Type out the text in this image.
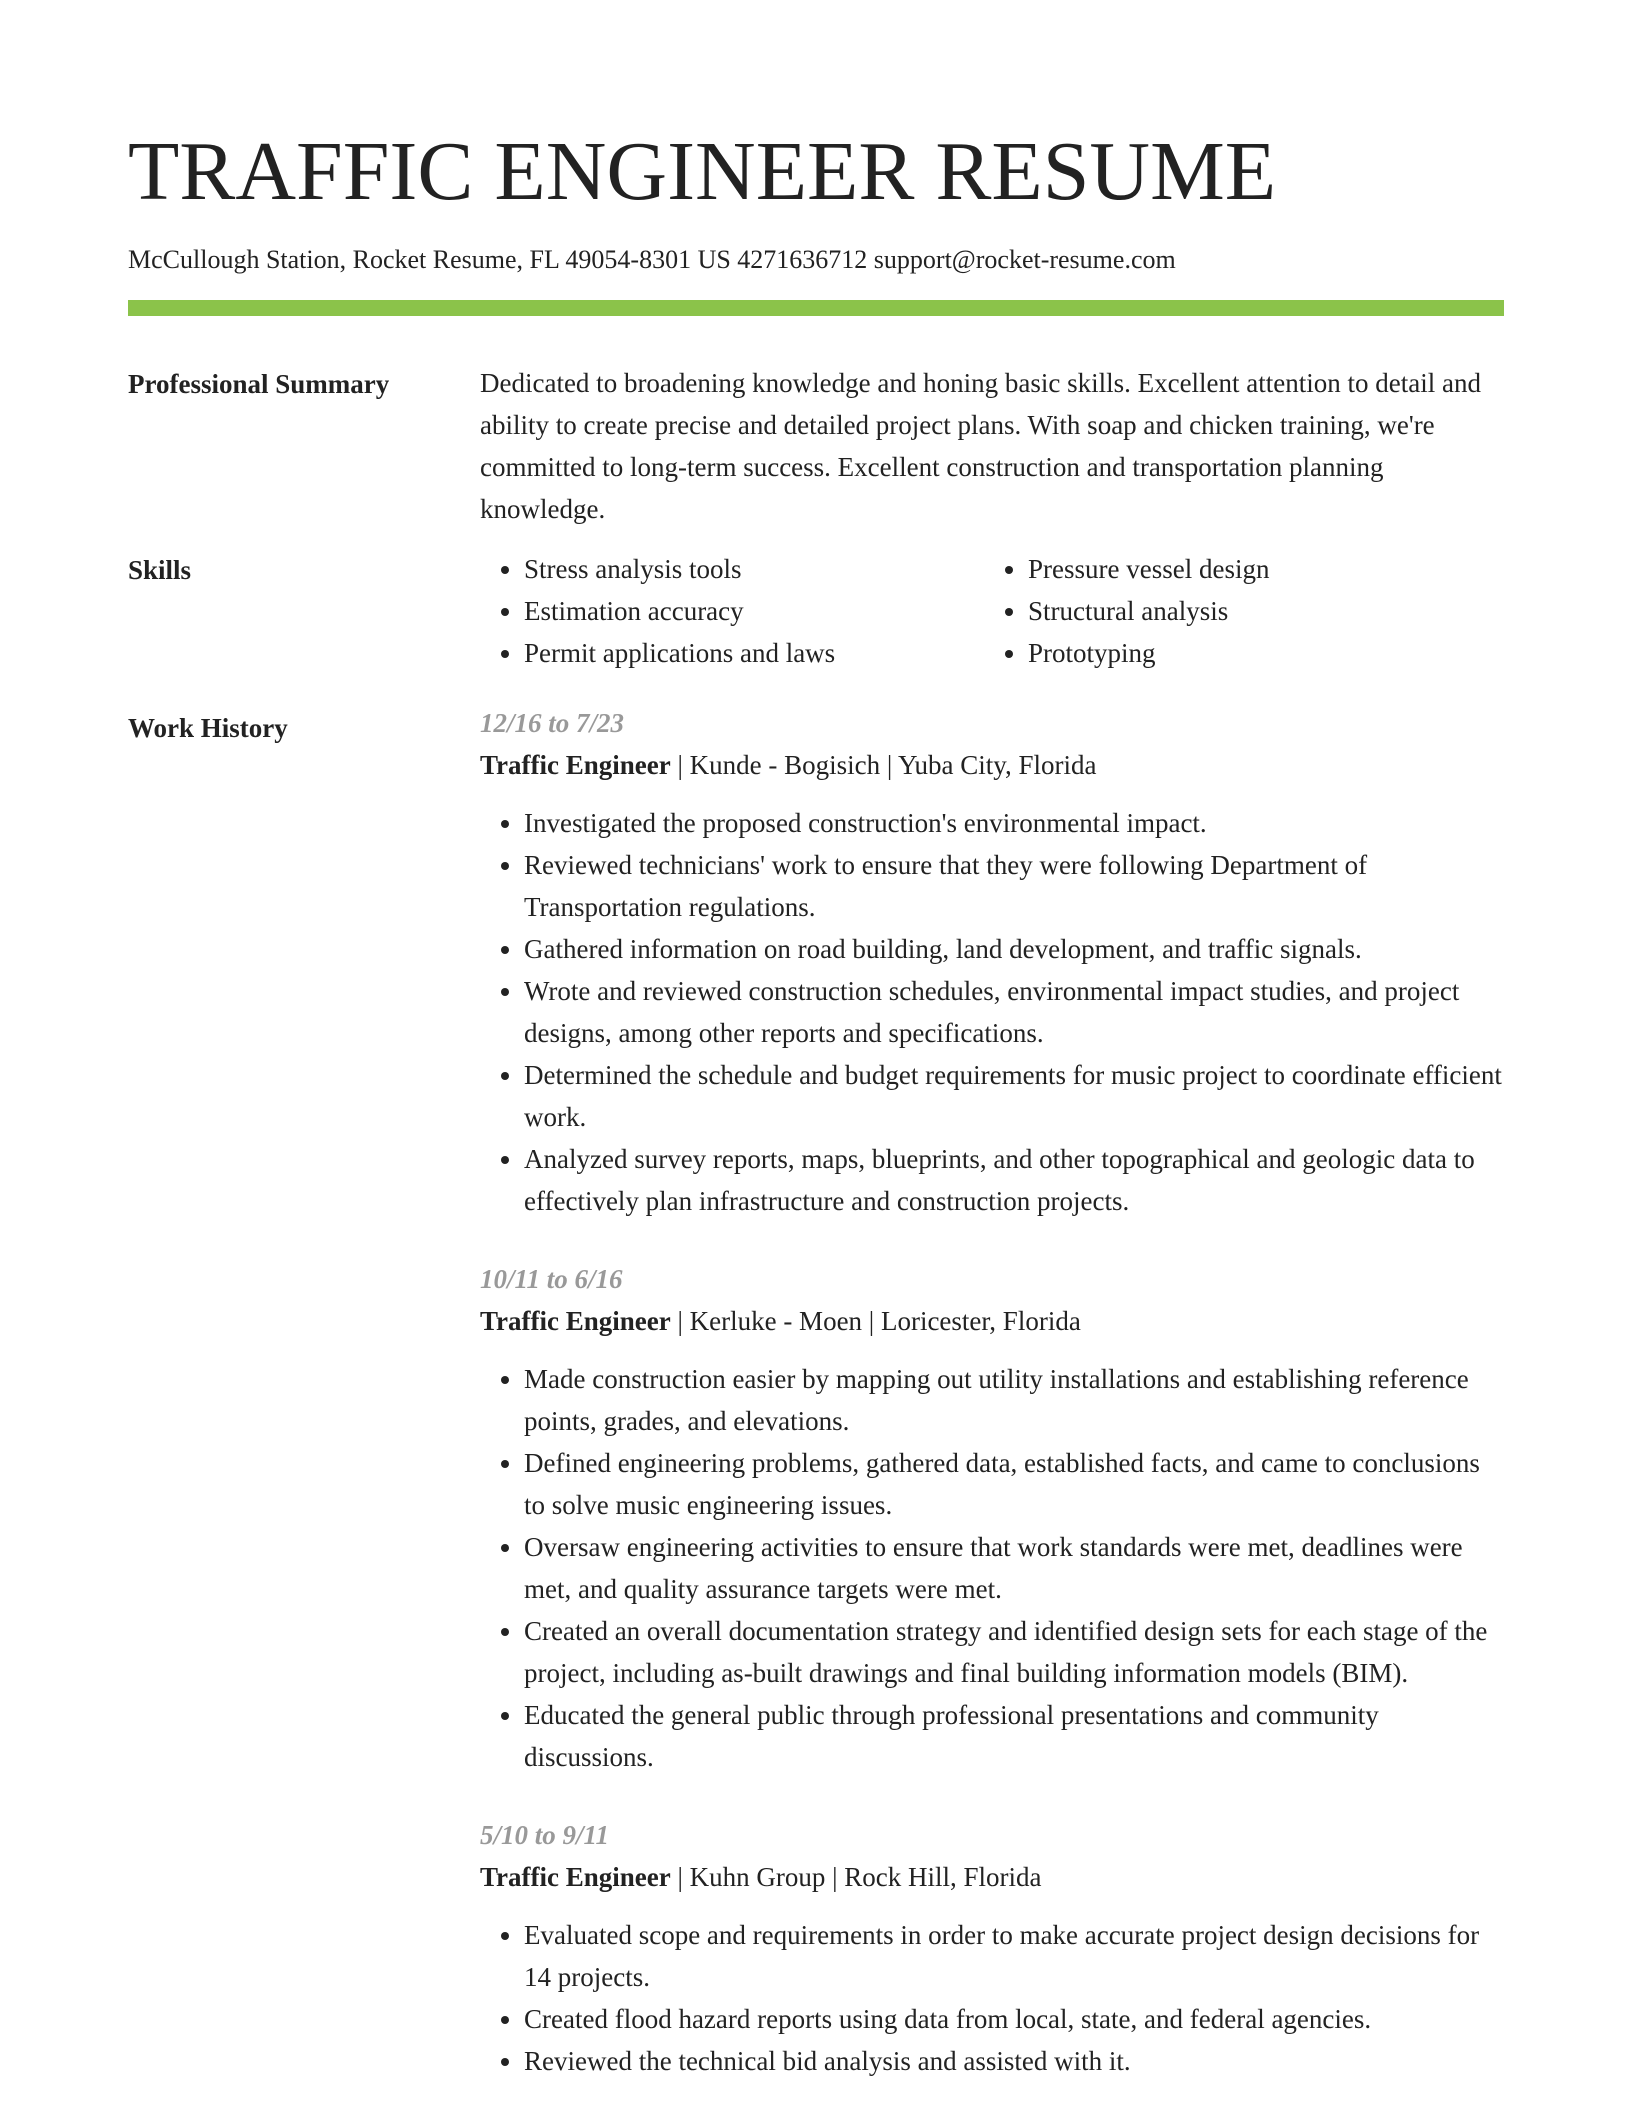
TRAFFIC ENGINEER RESUME
McCullough Station, Rocket Resume, FL 49054-8301 US 4271636712 support@rocket-resume.com
Professional Summary	Dedicated to broadening knowledge and honing basic skills. Excellent attention to detail and ability to create precise and detailed project plans. With soap and chicken training, we're committed to long-term success. Excellent construction and transportation planning knowledge.

Skills
•	Stress analysis tools
• Estimation accuracy
• Permit applications and laws
• Pressure vessel design
• Structural analysis
• Prototyping
Work History	12/16 to 7/23
Traffic Engineer | Kunde - Bogisich | Yuba City, Florida
• Investigated the proposed construction's environmental impact.
• Reviewed technicians' work to ensure that they were following Department of Transportation regulations.
• Gathered information on road building, land development, and traffic signals.
• Wrote and reviewed construction schedules, environmental impact studies, and project designs, among other reports and specifications.
• Determined the schedule and budget requirements for music project to coordinate efficient work.
• Analyzed survey reports, maps, blueprints, and other topographical and geologic data to effectively plan infrastructure and construction projects.
10/11 to 6/16
Traffic Engineer | Kerluke - Moen | Loricester, Florida
• Made construction easier by mapping out utility installations and establishing reference points, grades, and elevations.
• Defined engineering problems, gathered data, established facts, and came to conclusions to solve music engineering issues.
• Oversaw engineering activities to ensure that work standards were met, deadlines were met, and quality assurance targets were met.
• Created an overall documentation strategy and identified design sets for each stage of the project, including as-built drawings and final building information models (BIM).
• Educated the general public through professional presentations and community discussions.
5/10 to 9/11
Traffic Engineer | Kuhn Group | Rock Hill, Florida
• Evaluated scope and requirements in order to make accurate project design decisions for 14 projects.
• Created flood hazard reports using data from local, state, and federal agencies.
• Reviewed the technical bid analysis and assisted with it.
